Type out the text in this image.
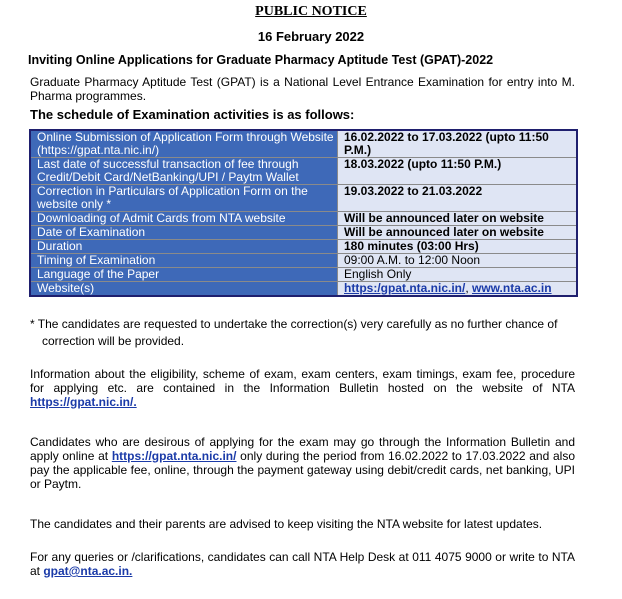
PUBLIC NOTICE
16 February 2022
Inviting Online Applications for Graduate Pharmacy Aptitude Test (GPAT)-2022
Graduate Pharmacy Aptitude Test (GPAT) is a National Level Entrance Examination for entry into M. Pharma programmes.
The schedule of Examination activities is as follows:
Online Submission of Application Form through Website (https://gpat.nta.nic.in/)	16.02.2022 to 17.03.2022 (upto 11:50 P.M.)
Last date of successful transaction of fee through Credit/Debit Card/NetBanking/UPI / Paytm Wallet	18.03.2022 (upto 11:50 P.M.)
Correction in Particulars of Application Form on the website only *	19.03.2022 to 21.03.2022
Downloading of Admit Cards from NTA website	Will be announced later on website
Date of Examination	Will be announced later on website
Duration	180 minutes (03:00 Hrs)
Timing of Examination	09:00 A.M. to 12:00 Noon
Language of the Paper	English Only
Website(s)	https:/gpat.nta.nic.in/, www.nta.ac.in
* The candidates are requested to undertake the correction(s) very carefully as no further chance of
correction will be provided.
Information about the eligibility, scheme of exam, exam centers, exam timings, exam fee, procedure for applying etc. are contained in the Information Bulletin hosted on the website of NTA https://gpat.nic.in/.
Candidates who are desirous of applying for the exam may go through the Information Bulletin and apply online at https://gpat.nta.nic.in/ only during the period from 16.02.2022 to 17.03.2022 and also pay the applicable fee, online, through the payment gateway using debit/credit cards, net banking, UPI or Paytm.
The candidates and their parents are advised to keep visiting the NTA website for latest updates.
For any queries or /clarifications, candidates can call NTA Help Desk at 011 4075 9000 or write to NTA at gpat@nta.ac.in.
